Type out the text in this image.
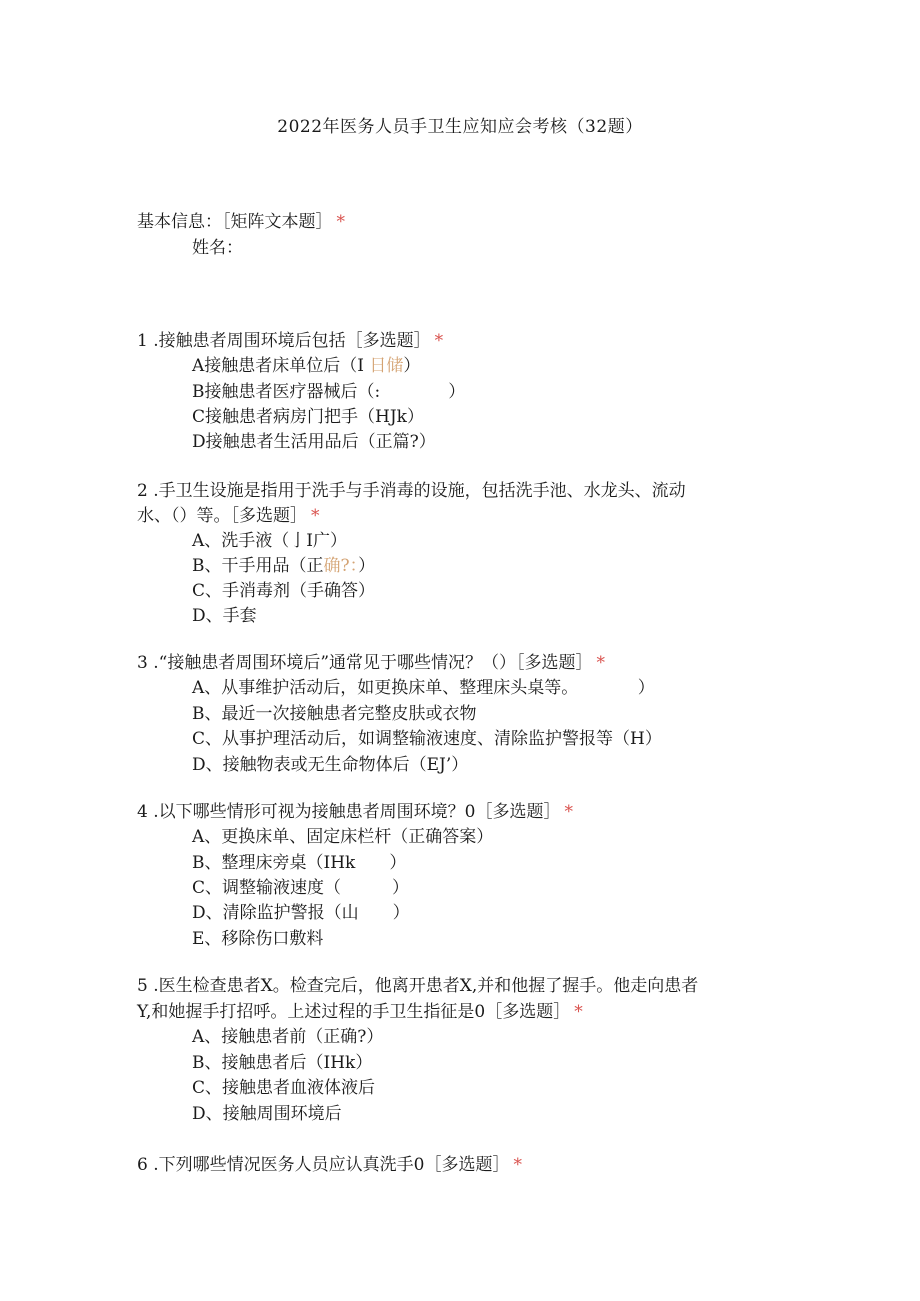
2022年医务人员手卫生应知应会考核（32题）
基本信息：［矩阵文本题］ *
姓名：
1 .接触患者周围环境后包括［多选题］ *
A接触患者床单位后（I 日储）
B接触患者医疗器械后（:　　　　）
C接触患者病房门把手（HJk）
D接触患者生活用品后（正篇?）
2 .手卫生设施是指用于洗手与手消毒的设施，包括洗手池、水龙头、流动
水、（）等。［多选题］ *
A、洗手液（亅I广）
B、干手用品（正确?：）
C、手消毒剂（手确答）
D、手套
3 .“接触患者周围环境后”通常见于哪些情况？（）［多选题］ *
A、从事维护活动后，如更换床单、整理床头桌等。　　　　）
B、最近一次接触患者完整皮肤或衣物
C、从事护理活动后，如调整输液速度、清除监护警报等（H）
D、接触物表或无生命物体后（EJ’）
4 .以下哪些情形可视为接触患者周围环境？0［多选题］ *
A、更换床单、固定床栏杆（正确答案）
B、整理床旁桌（IHk　　）
C、调整输液速度（　　　）
D、清除监护警报（山　　）
E、移除伤口敷料
5 .医生检查患者X。检查完后，他离开患者X,并和他握了握手。他走向患者
Y,和她握手打招呼。上述过程的手卫生指征是0［多选题］ *
A、接触患者前（正确?）
B、接触患者后（IHk）
C、接触患者血液体液后
D、接触周围环境后
6 .下列哪些情况医务人员应认真洗手0［多选题］ *
